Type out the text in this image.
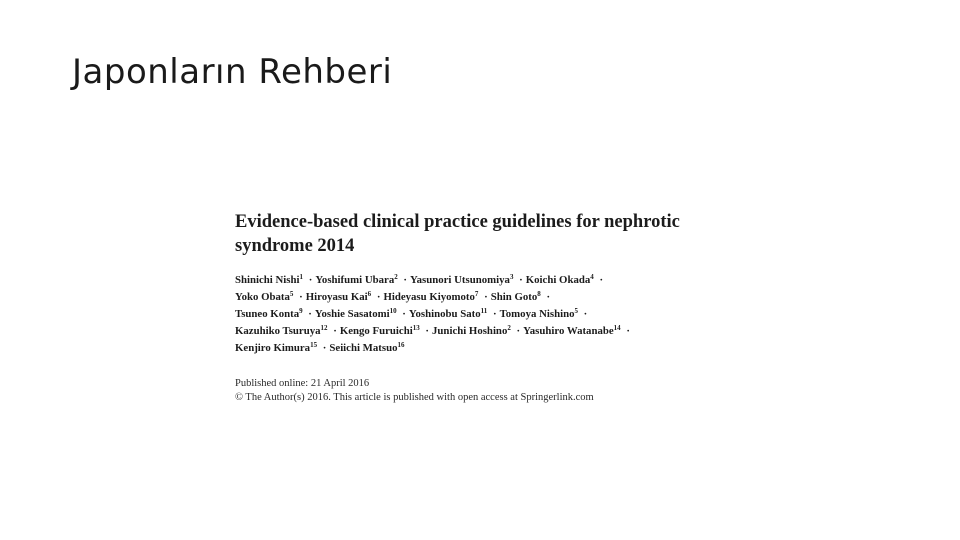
Japonların Rehberi
Evidence-based clinical practice guidelines for nephrotic
syndrome 2014
Shinichi Nishi$^1$ · Yoshifumi Ubara$^2$ · Yasunori Utsunomiya$^3$ · Koichi Okada$^4$ ·
Yoko Obata$^5$ · Hiroyasu Kai$^6$ · Hideyasu Kiyomoto$^7$ · Shin Goto$^8$ ·
Tsuneo Konta$^9$ · Yoshie Sasatomi$^{10}$ · Yoshinobu Sato$^{11}$ · Tomoya Nishino$^5$ ·
Kazuhiko Tsuruya$^{12}$ · Kengo Furuichi$^{13}$ · Junichi Hoshino$^2$ · Yasuhiro Watanabe$^{14}$ ·
Kenjiro Kimura$^{15}$ · Seiichi Matsuo$^{16}$
Published online: 21 April 2016
© The Author(s) 2016. This article is published with open access at Springerlink.com
